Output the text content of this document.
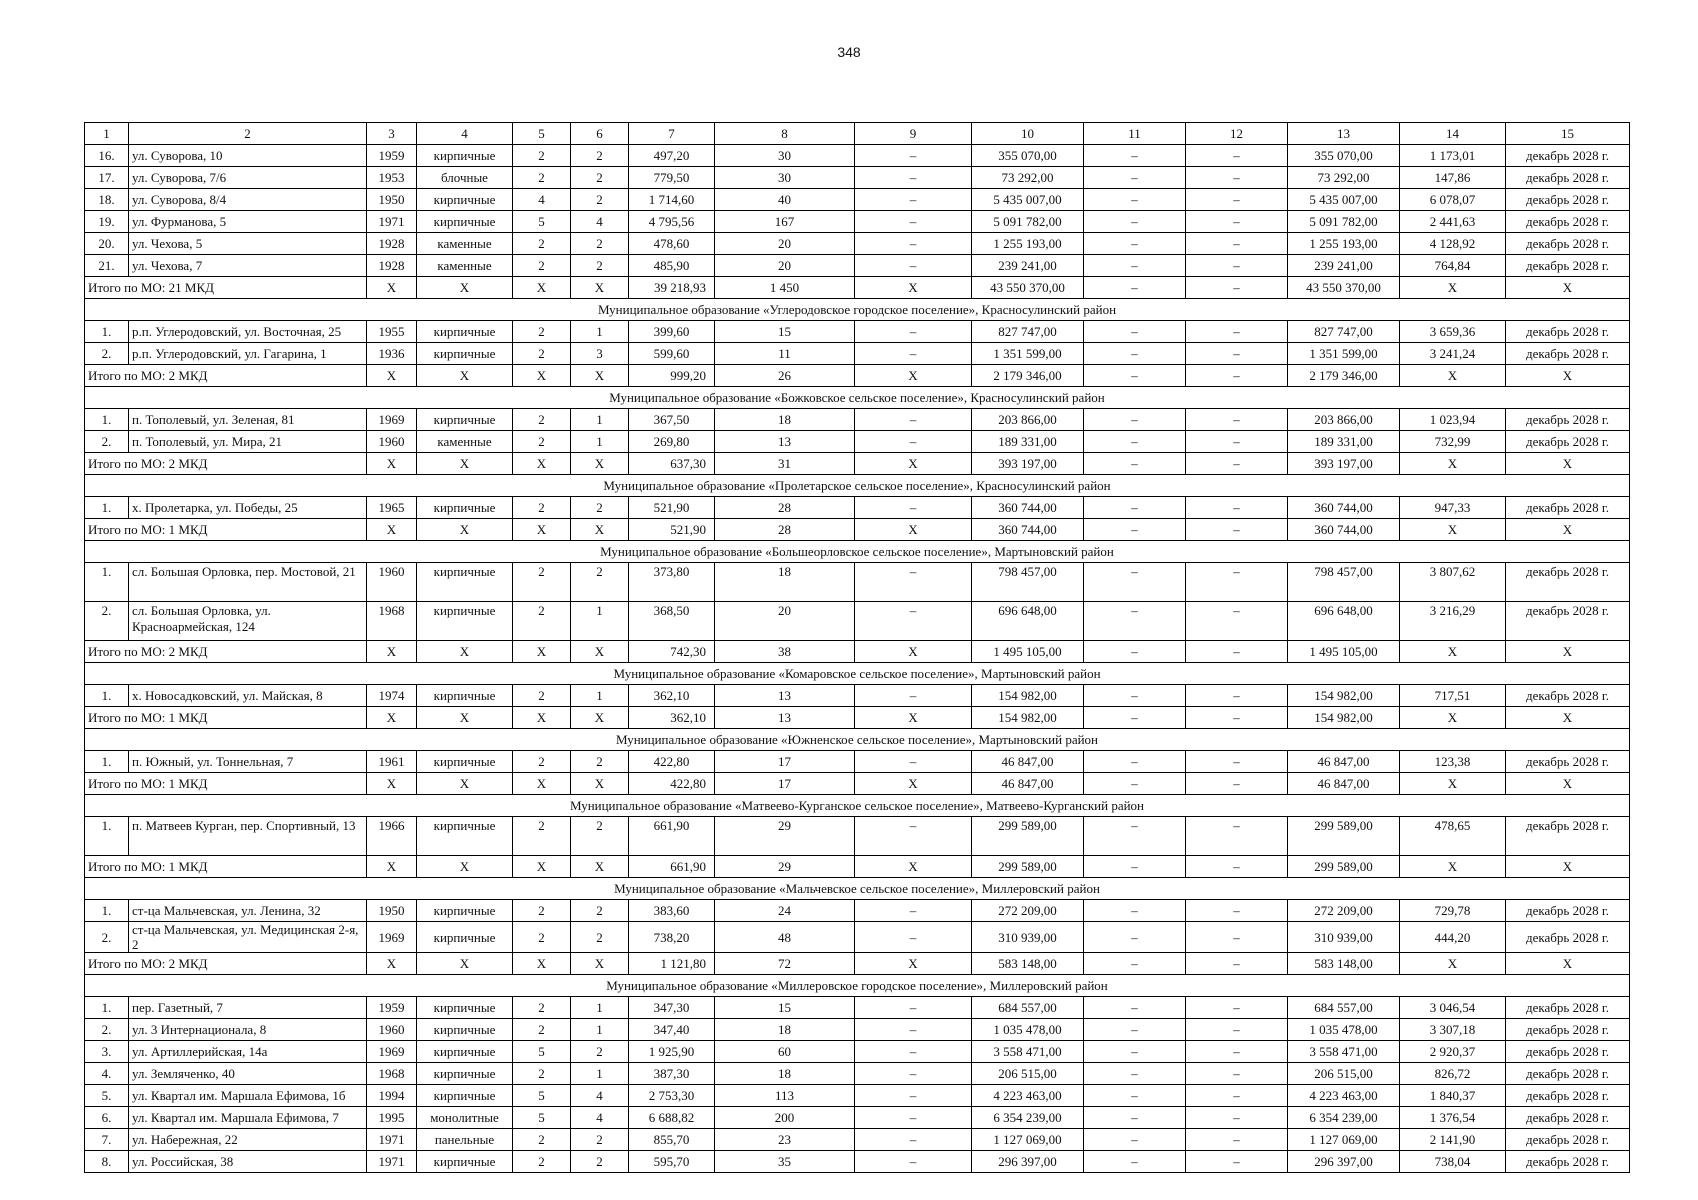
348
1	2	3	4	5	6	7	8	9	10	11	12	13	14	15
16.	ул. Суворова, 10	1959	кирпичные	2	2	497,20	30	–	355 070,00	–	–	355 070,00	1 173,01	декабрь 2028 г.
17.	ул. Суворова, 7/6	1953	блочные	2	2	779,50	30	–	73 292,00	–	–	73 292,00	147,86	декабрь 2028 г.
18.	ул. Суворова, 8/4	1950	кирпичные	4	2	1 714,60	40	–	5 435 007,00	–	–	5 435 007,00	6 078,07	декабрь 2028 г.
19.	ул. Фурманова, 5	1971	кирпичные	5	4	4 795,56	167	–	5 091 782,00	–	–	5 091 782,00	2 441,63	декабрь 2028 г.
20.	ул. Чехова, 5	1928	каменные	2	2	478,60	20	–	1 255 193,00	–	–	1 255 193,00	4 128,92	декабрь 2028 г.
21.	ул. Чехова, 7	1928	каменные	2	2	485,90	20	–	239 241,00	–	–	239 241,00	764,84	декабрь 2028 г.
Итого по МО: 21 МКД		X	X	X	X	39 218,93	1 450	X	43 550 370,00	–	–	43 550 370,00	X	X
Муниципальное образование «Углеродовское городское поселение», Красносулинский район														
1.	р.п. Углеродовский, ул. Восточная, 25	1955	кирпичные	2	1	399,60	15	–	827 747,00	–	–	827 747,00	3 659,36	декабрь 2028 г.
2.	р.п. Углеродовский, ул. Гагарина, 1	1936	кирпичные	2	3	599,60	11	–	1 351 599,00	–	–	1 351 599,00	3 241,24	декабрь 2028 г.
Итого по МО: 2 МКД		X	X	X	X	999,20	26	X	2 179 346,00	–	–	2 179 346,00	X	X
Муниципальное образование «Божковское сельское поселение», Красносулинский район														
1.	п. Тополевый, ул. Зеленая, 81	1969	кирпичные	2	1	367,50	18	–	203 866,00	–	–	203 866,00	1 023,94	декабрь 2028 г.
2.	п. Тополевый, ул. Мира, 21	1960	каменные	2	1	269,80	13	–	189 331,00	–	–	189 331,00	732,99	декабрь 2028 г.
Итого по МО: 2 МКД		X	X	X	X	637,30	31	X	393 197,00	–	–	393 197,00	X	X
Муниципальное образование «Пролетарское сельское поселение», Красносулинский район														
1.	х. Пролетарка, ул. Победы, 25	1965	кирпичные	2	2	521,90	28	–	360 744,00	–	–	360 744,00	947,33	декабрь 2028 г.
Итого по МО: 1 МКД		X	X	X	X	521,90	28	X	360 744,00	–	–	360 744,00	X	X
Муниципальное образование «Большеорловское сельское поселение», Мартыновский район														
1.	сл. Большая Орловка, пер. Мостовой, 21	1960	кирпичные	2	2	373,80	18	–	798 457,00	–	–	798 457,00	3 807,62	декабрь 2028 г.
2.	сл. Большая Орловка, ул. Красноармейская, 124	1968	кирпичные	2	1	368,50	20	–	696 648,00	–	–	696 648,00	3 216,29	декабрь 2028 г.
Итого по МО: 2 МКД		X	X	X	X	742,30	38	X	1 495 105,00	–	–	1 495 105,00	X	X
Муниципальное образование «Комаровское сельское поселение», Мартыновский район														
1.	х. Новосадковский, ул. Майская, 8	1974	кирпичные	2	1	362,10	13	–	154 982,00	–	–	154 982,00	717,51	декабрь 2028 г.
Итого по МО: 1 МКД		X	X	X	X	362,10	13	X	154 982,00	–	–	154 982,00	X	X
Муниципальное образование «Южненское сельское поселение», Мартыновский район														
1.	п. Южный, ул. Тоннельная, 7	1961	кирпичные	2	2	422,80	17	–	46 847,00	–	–	46 847,00	123,38	декабрь 2028 г.
Итого по МО: 1 МКД		X	X	X	X	422,80	17	X	46 847,00	–	–	46 847,00	X	X
Муниципальное образование «Матвеево-Курганское сельское поселение», Матвеево-Курганский район														
1.	п. Матвеев Курган, пер. Спортивный, 13	1966	кирпичные	2	2	661,90	29	–	299 589,00	–	–	299 589,00	478,65	декабрь 2028 г.
Итого по МО: 1 МКД		X	X	X	X	661,90	29	X	299 589,00	–	–	299 589,00	X	X
Муниципальное образование «Мальчевское сельское поселение», Миллеровский район														
1.	ст-ца Мальчевская, ул. Ленина, 32	1950	кирпичные	2	2	383,60	24	–	272 209,00	–	–	272 209,00	729,78	декабрь 2028 г.
2.	ст-ца Мальчевская, ул. Медицинская 2-я, 2	1969	кирпичные	2	2	738,20	48	–	310 939,00	–	–	310 939,00	444,20	декабрь 2028 г.
Итого по МО: 2 МКД		X	X	X	X	1 121,80	72	X	583 148,00	–	–	583 148,00	X	X
Муниципальное образование «Миллеровское городское поселение», Миллеровский район														
1.	пер. Газетный, 7	1959	кирпичные	2	1	347,30	15	–	684 557,00	–	–	684 557,00	3 046,54	декабрь 2028 г.
2.	ул. 3 Интернационала, 8	1960	кирпичные	2	1	347,40	18	–	1 035 478,00	–	–	1 035 478,00	3 307,18	декабрь 2028 г.
3.	ул. Артиллерийская, 14а	1969	кирпичные	5	2	1 925,90	60	–	3 558 471,00	–	–	3 558 471,00	2 920,37	декабрь 2028 г.
4.	ул. Земляченко, 40	1968	кирпичные	2	1	387,30	18	–	206 515,00	–	–	206 515,00	826,72	декабрь 2028 г.
5.	ул. Квартал им. Маршала Ефимова, 1б	1994	кирпичные	5	4	2 753,30	113	–	4 223 463,00	–	–	4 223 463,00	1 840,37	декабрь 2028 г.
6.	ул. Квартал им. Маршала Ефимова, 7	1995	монолитные	5	4	6 688,82	200	–	6 354 239,00	–	–	6 354 239,00	1 376,54	декабрь 2028 г.
7.	ул. Набережная, 22	1971	панельные	2	2	855,70	23	–	1 127 069,00	–	–	1 127 069,00	2 141,90	декабрь 2028 г.
8.	ул. Российская, 38	1971	кирпичные	2	2	595,70	35	–	296 397,00	–	–	296 397,00	738,04	декабрь 2028 г.
